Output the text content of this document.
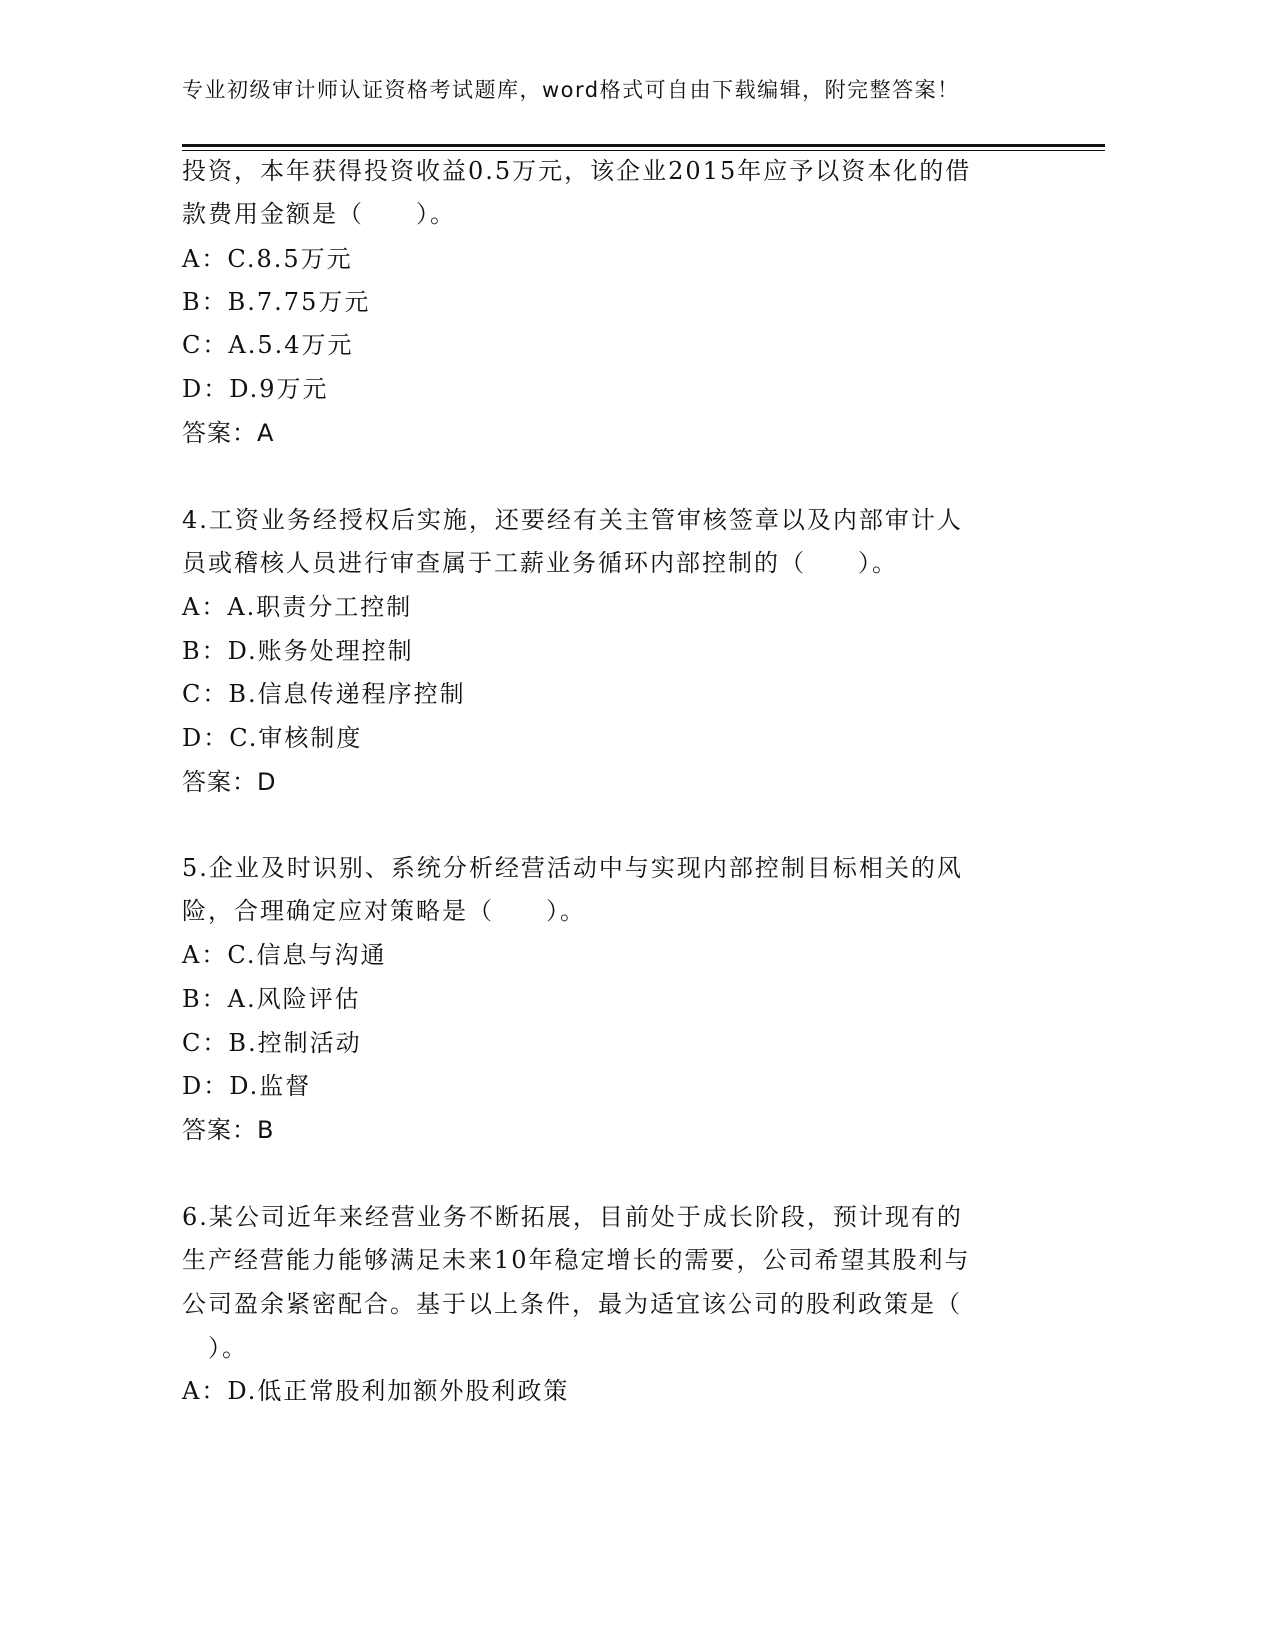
专业初级审计师认证资格考试题库，word格式可自由下载编辑，附完整答案！
投资，本年获得投资收益0.5万元，该企业2015年应予以资本化的借
款费用金额是（　　）。
A：C.8.5万元
B：B.7.75万元
C：A.5.4万元
D：D.9万元
答案：A
4.工资业务经授权后实施，还要经有关主管审核签章以及内部审计人
员或稽核人员进行审查属于工薪业务循环内部控制的（　　）。
A：A.职责分工控制
B：D.账务处理控制
C：B.信息传递程序控制
D：C.审核制度
答案：D
5.企业及时识别、系统分析经营活动中与实现内部控制目标相关的风
险，合理确定应对策略是（　　）。
A：C.信息与沟通
B：A.风险评估
C：B.控制活动
D：D.监督
答案：B
6.某公司近年来经营业务不断拓展，目前处于成长阶段，预计现有的
生产经营能力能够满足未来10年稳定增长的需要，公司希望其股利与
公司盈余紧密配合。基于以上条件，最为适宜该公司的股利政策是（
　）。
A：D.低正常股利加额外股利政策
